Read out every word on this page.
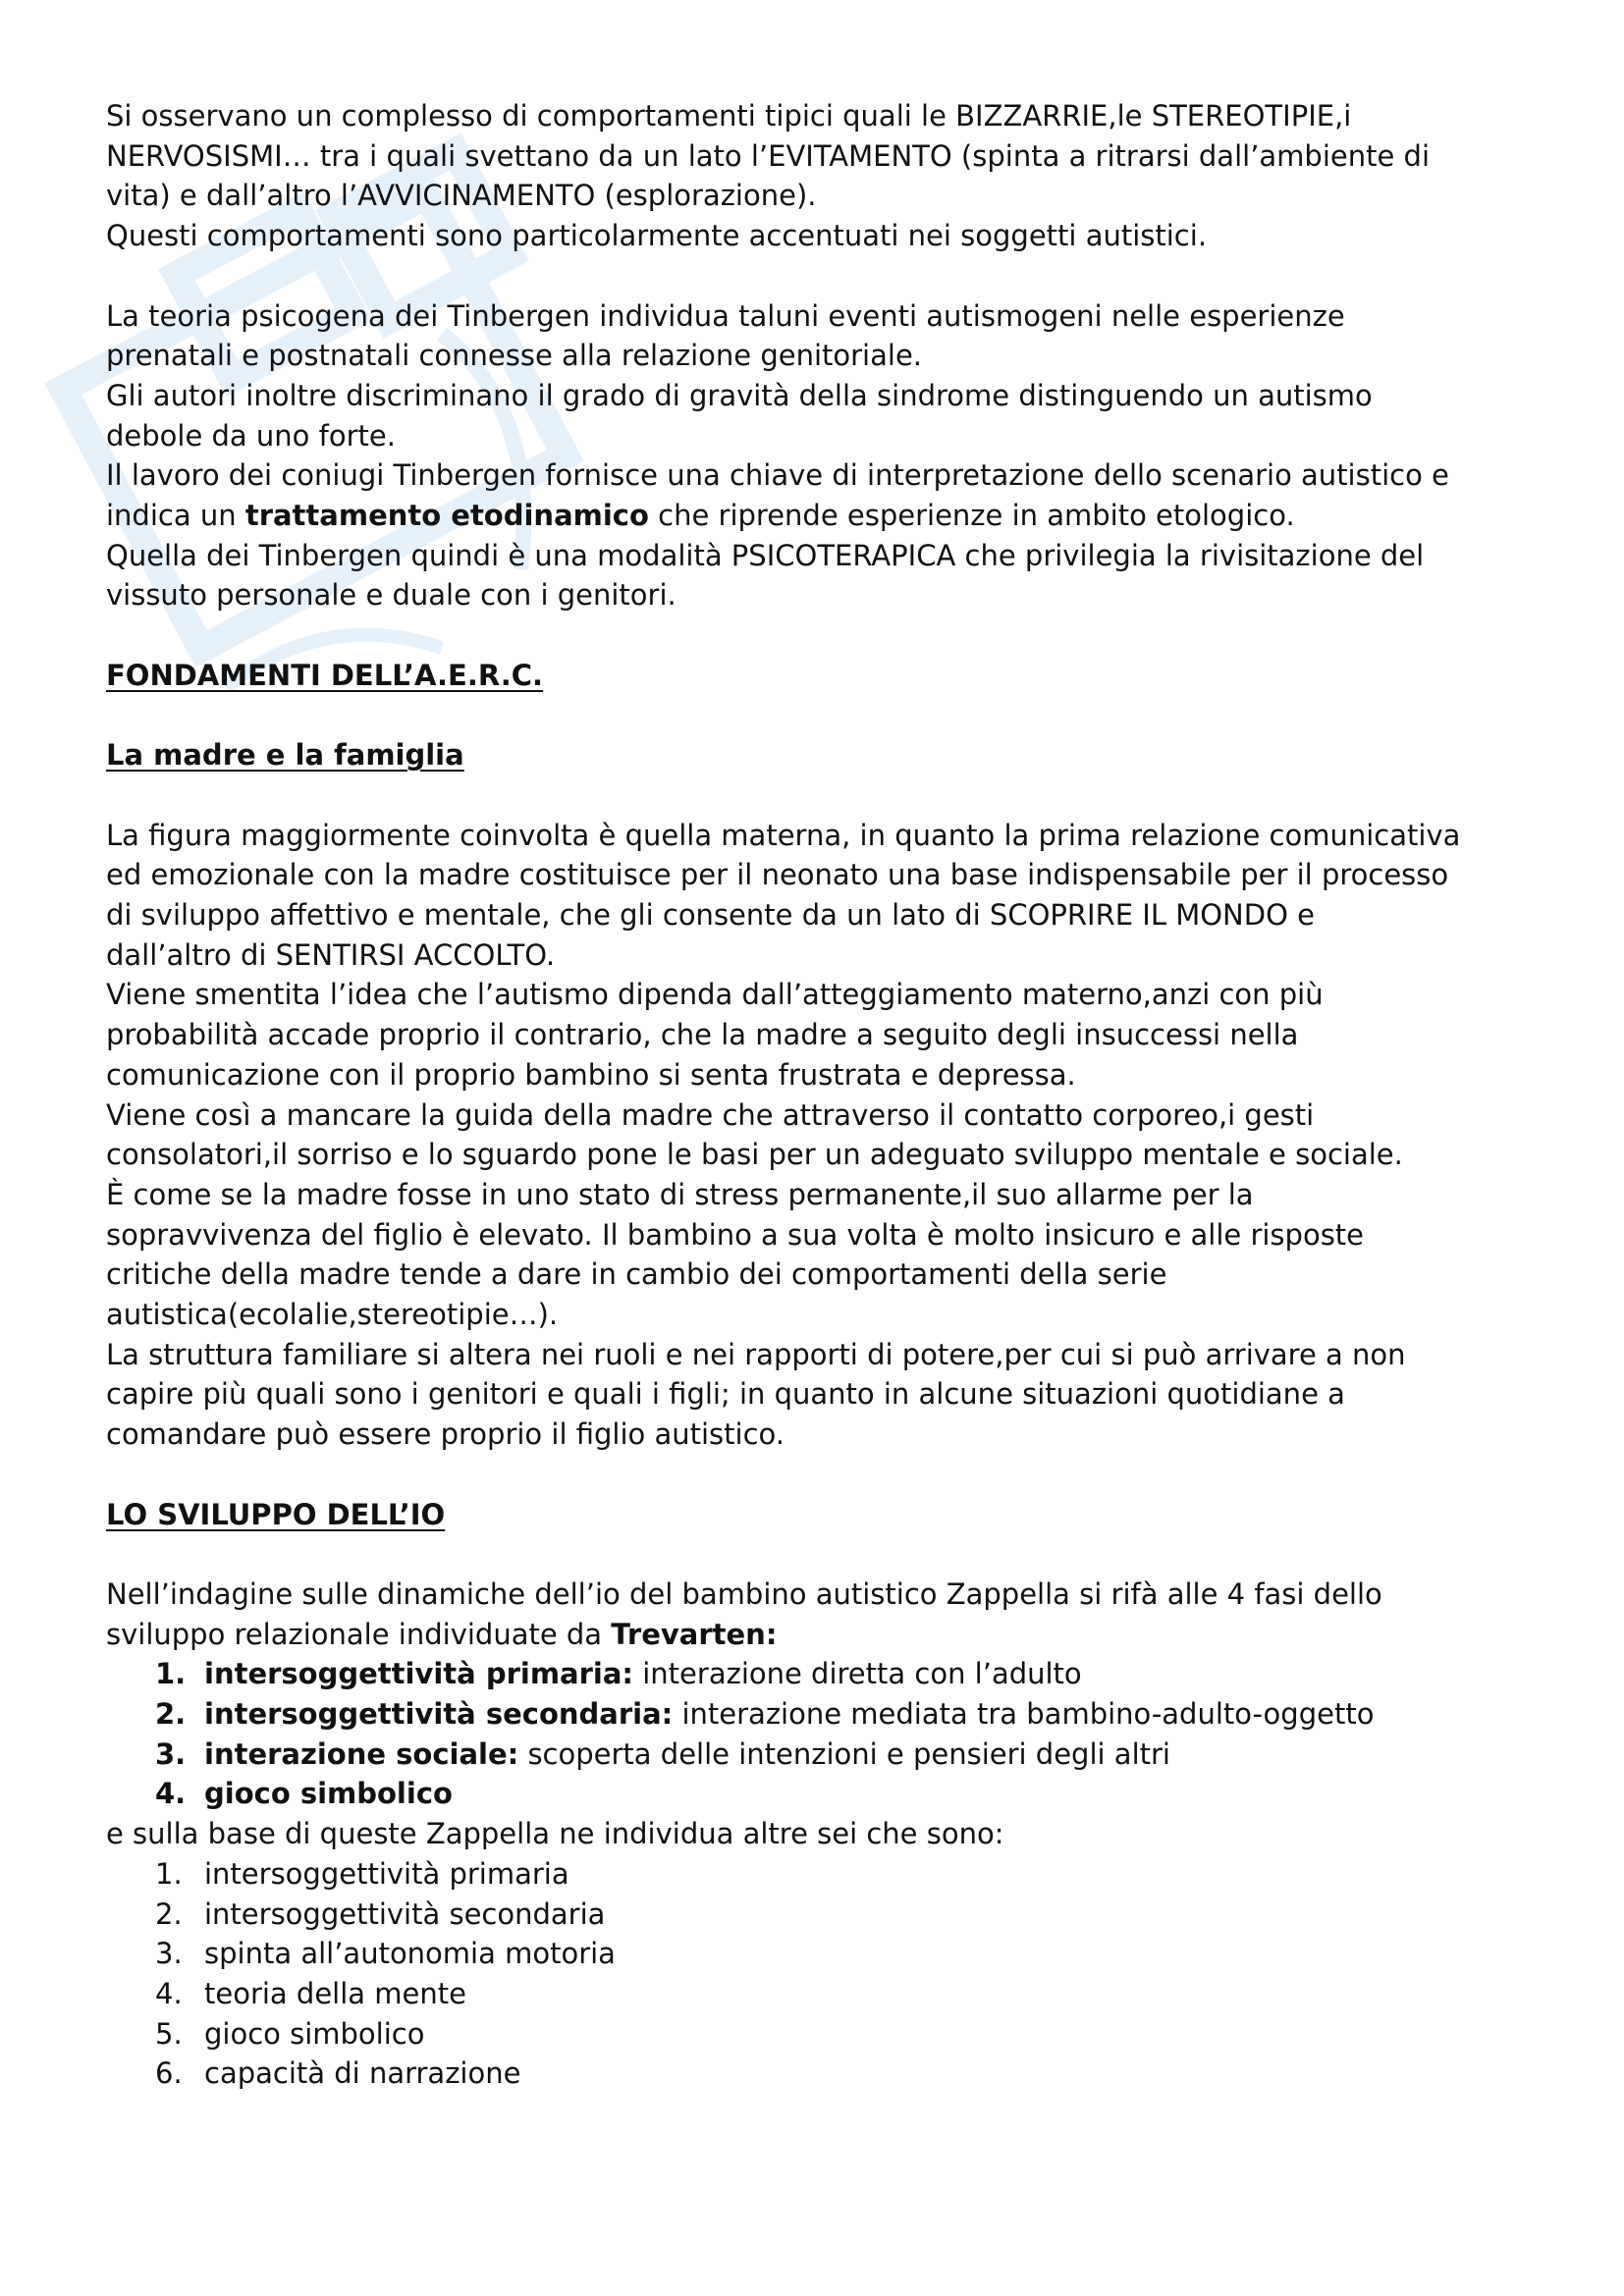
Si osservano un complesso di comportamenti tipici quali le BIZZARRIE,le STEREOTIPIE,i
NERVOSISMI… tra i quali svettano da un lato l’EVITAMENTO (spinta a ritrarsi dall’ambiente di
vita) e dall’altro l’AVVICINAMENTO (esplorazione).
Questi comportamenti sono particolarmente accentuati nei soggetti autistici.

La teoria psicogena dei Tinbergen individua taluni eventi autismogeni nelle esperienze
prenatali e postnatali connesse alla relazione genitoriale.
Gli autori inoltre discriminano il grado di gravità della sindrome distinguendo un autismo
debole da uno forte.
Il lavoro dei coniugi Tinbergen fornisce una chiave di interpretazione dello scenario autistico e
indica un trattamento etodinamico che riprende esperienze in ambito etologico.
Quella dei Tinbergen quindi è una modalità PSICOTERAPICA che privilegia la rivisitazione del
vissuto personale e duale con i genitori.

FONDAMENTI DELL’A.E.R.C.
La madre e la famiglia

La figura maggiormente coinvolta è quella materna, in quanto la prima relazione comunicativa
ed emozionale con la madre costituisce per il neonato una base indispensabile per il processo
di sviluppo affettivo e mentale, che gli consente da un lato di SCOPRIRE IL MONDO e
dall’altro di SENTIRSI ACCOLTO.
Viene smentita l’idea che l’autismo dipenda dall’atteggiamento materno,anzi con più
probabilità accade proprio il contrario, che la madre a seguito degli insuccessi nella
comunicazione con il proprio bambino si senta frustrata e depressa.
Viene così a mancare la guida della madre che attraverso il contatto corporeo,i gesti
consolatori,il sorriso e lo sguardo pone le basi per un adeguato sviluppo mentale e sociale.
È come se la madre fosse in uno stato di stress permanente,il suo allarme per la
sopravvivenza del figlio è elevato. Il bambino a sua volta è molto insicuro e alle risposte
critiche della madre tende a dare in cambio dei comportamenti della serie
autistica(ecolalie,stereotipie…).
La struttura familiare si altera nei ruoli e nei rapporti di potere,per cui si può arrivare a non
capire più quali sono i genitori e quali i figli; in quanto in alcune situazioni quotidiane a
comandare può essere proprio il figlio autistico.

LO SVILUPPO DELL’IO

Nell’indagine sulle dinamiche dell’io del bambino autistico Zappella si rifà alle 4 fasi dello
sviluppo relazionale individuate da Trevarten:

1. intersoggettività primaria: interazione diretta con l’adulto
2. intersoggettività secondaria: interazione mediata tra bambino-adulto-oggetto
3. interazione sociale: scoperta delle intenzioni e pensieri degli altri
4. gioco simbolico

e sulla base di queste Zappella ne individua altre sei che sono:

1. intersoggettività primaria
2. intersoggettività secondaria
3. spinta all’autonomia motoria
4. teoria della mente
5. gioco simbolico
6. capacità di narrazione
